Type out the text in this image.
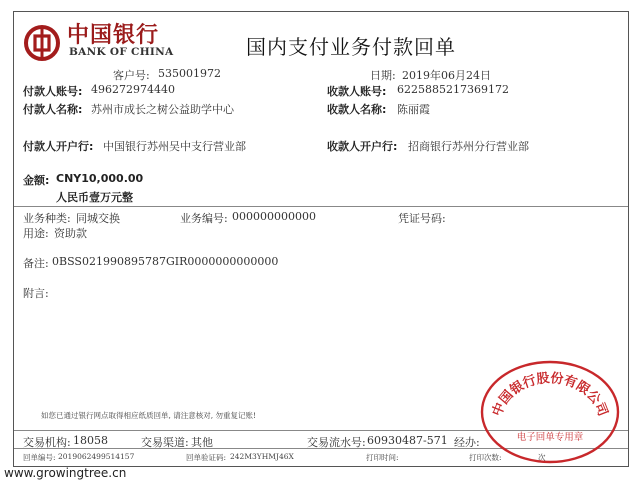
中国银行
BANK OF CHINA	国内支付业务付款回单
客户号: 535001972	日期: 2019年06月24日
付款人账号: 496272974440	收款人账号: 6225885217369172
付款人名称: 苏州市成长之树公益助学中心	收款人名称: 陈丽霞
付款人开户行: 中国银行苏州吴中支行营业部	收款人开户行: 招商银行苏州分行营业部
金额: CNY10,000.00
人民币壹万元整
业务种类: 同城交换	业务编号: 000000000000	凭证号码:
用途: 资助款
备注: 0BSS021990895787GIR0000000000000
附言:
如您已通过银行网点取得相应纸质回单, 请注意核对, 勿重复记账!
交易机构: 18058	交易渠道: 其他	交易流水号: 60930487-571 经办:
回单编号: 2019062499514157	回单验证码: 242M3YHMJ46X	打印时间:	打印次数:	次
中国银行股份有限公司
电子回单专用章
www.growingtree.cn
